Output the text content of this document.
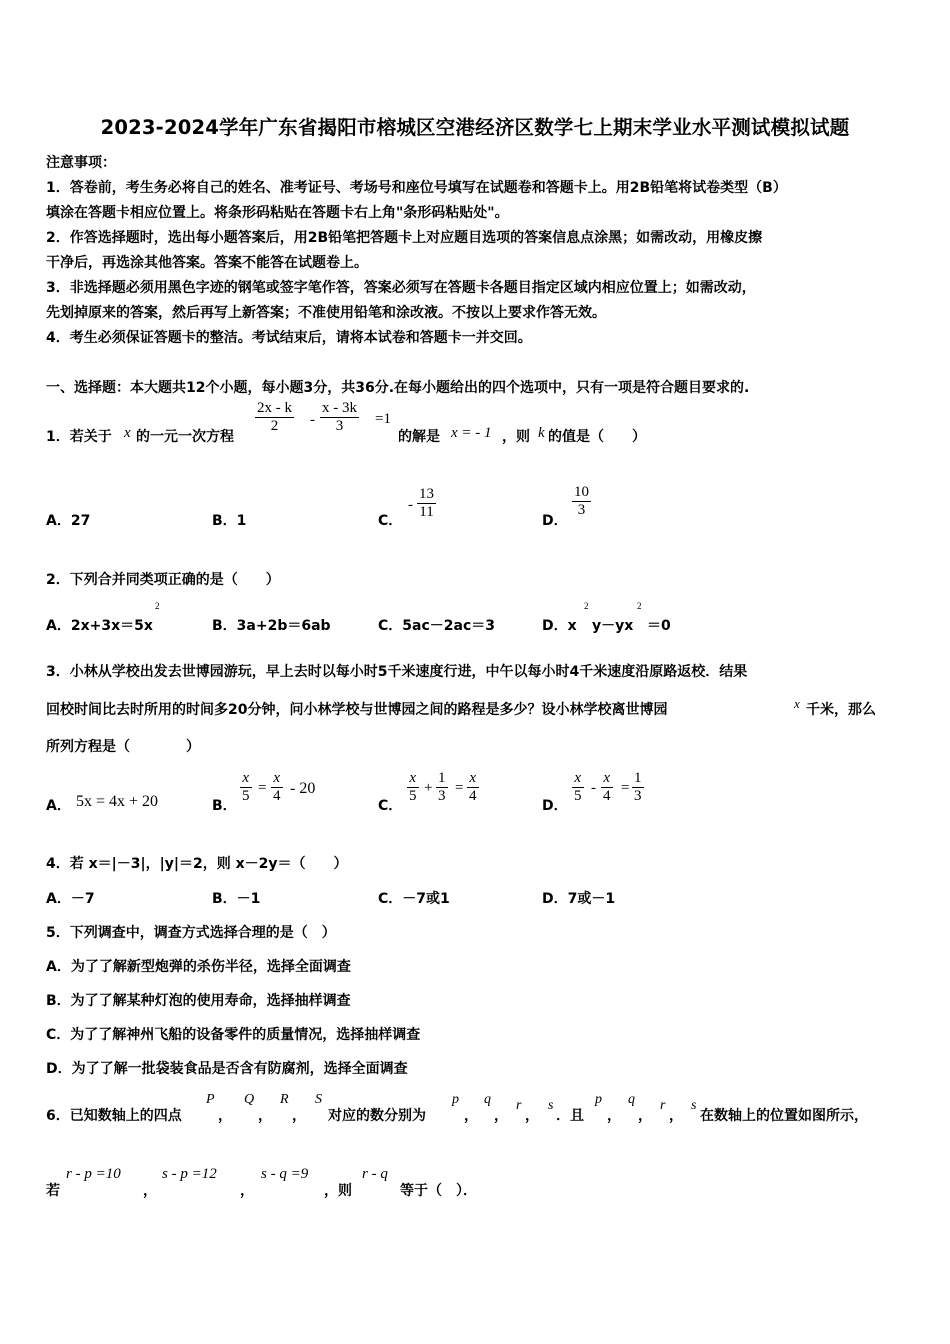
2023-2024学年广东省揭阳市榕城区空港经济区数学七上期末学业水平测试模拟试题
注意事项：
1．答卷前，考生务必将自己的姓名、准考证号、考场号和座位号填写在试题卷和答题卡上。用2B铅笔将试卷类型（B）
填涂在答题卡相应位置上。将条形码粘贴在答题卡右上角"条形码粘贴处"。
2．作答选择题时，选出每小题答案后，用2B铅笔把答题卡上对应题目选项的答案信息点涂黑；如需改动，用橡皮擦
干净后，再选涂其他答案。答案不能答在试题卷上。
3．非选择题必须用黑色字迹的钢笔或签字笔作答，答案必须写在答题卡各题目指定区域内相应位置上；如需改动，
先划掉原来的答案，然后再写上新答案；不准使用铅笔和涂改液。不按以上要求作答无效。
4．考生必须保证答题卡的整洁。考试结束后，请将本试卷和答题卡一并交回。
一、选择题：本大题共12个小题，每小题3分，共36分.在每小题给出的四个选项中，只有一项是符合题目要求的.
1．若关于 x 的一元一次方程
$\frac{2x - k}{2} - \frac{x - 3k}{3} =1$
的解是 x = - 1 ，则 k 的值是（　　）
A．27	B．1	C．
- $\frac{13}{11}$	D．
$\frac{10}{3}$
2．下列合并同类项正确的是（　　）
A．2x+3x＝5x
2
B．3a+2b＝6ab	C．5ac－2ac＝3	D．x
2
y－yx
2
＝0
3．小林从学校出发去世博园游玩，早上去时以每小时5千米速度行进，中午以每小时4千米速度沿原路返校．结果
回校时间比去时所用的时间多20分钟，问小林学校与世博园之间的路程是多少？设小林学校离世博园	x 千米，那么
所列方程是（　　　　）
A． 5x = 4x + 20	B．
$\frac{x}{5} = \frac{x}{4} - 20$
C．
$\frac{x}{5} + \frac{1}{3} = \frac{x}{4}$
D．
$\frac{x}{5} - \frac{x}{4} = \frac{1}{3}$
4．若 x＝|－3|，|y|＝2，则 x－2y＝（　　）
A．－7	B．－1	C．－7或1	D．7或－1
5．下列调查中，调查方式选择合理的是（　）
A．为了了解新型炮弹的杀伤半径，选择全面调查
B．为了了解某种灯泡的使用寿命，选择抽样调查
C．为了了解神州飞船的设备零件的质量情况，选择抽样调查
D．为了了解一批袋装食品是否含有防腐剂，选择全面调查
6．已知数轴上的四点
P
，
Q
，
R
，
S
对应的数分别为
p
，
q
，
r
，
s
．且
p
，
q
，
r
，
s
在数轴上的位置如图所示，
若
r - p =10
，
s - p =12
，
s - q =9
，则
r - q
等于（　）．
